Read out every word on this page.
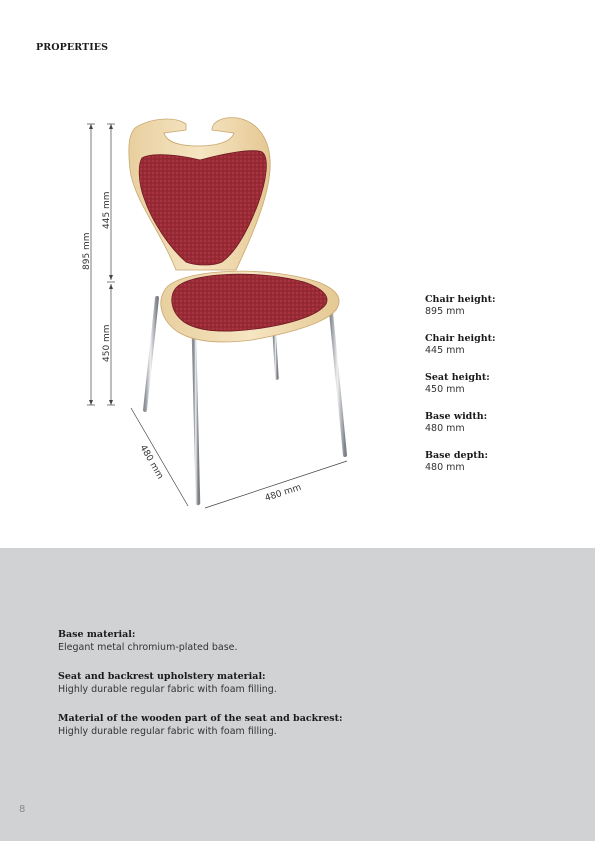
PROPERTIES
895 mm
445 mm
450 mm
480 mm
480 mm
Chair height:
895 mm
Chair height:
445 mm
Seat height:
450 mm
Base width:
480 mm
Base depth:
480 mm
Base material:
Elegant metal chromium-plated base.
Seat and backrest upholstery material:
Highly durable regular fabric with foam filling.
Material of the wooden part of the seat and backrest:
Highly durable regular fabric with foam filling.
8
